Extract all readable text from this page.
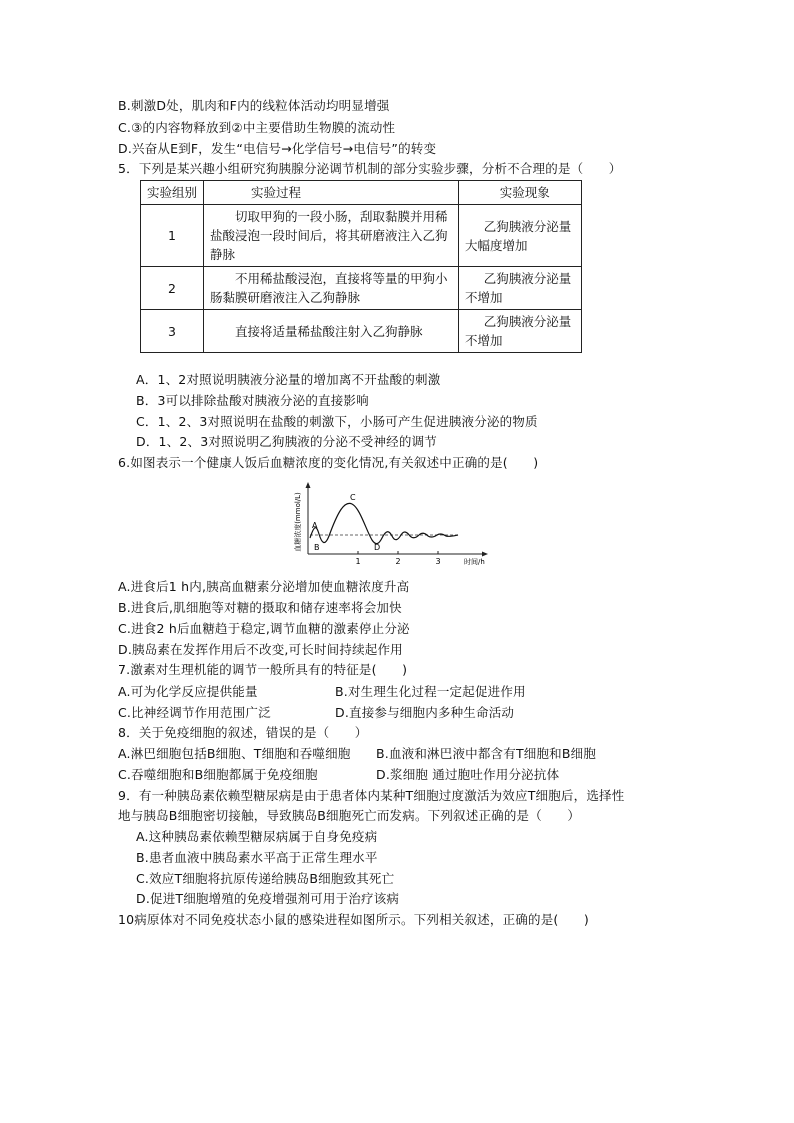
B.刺激D处，肌肉和F内的线粒体活动均明显增强
C.③的内容物释放到②中主要借助生物膜的流动性
D.兴奋从E到F，发生“电信号→化学信号→电信号”的转变
5．下列是某兴趣小组研究狗胰腺分泌调节机制的部分实验步骤，分析不合理的是（　　）
实验组别	实验过程	实验现象
1	切取甲狗的一段小肠，刮取黏膜并用稀盐酸浸泡一段时间后，将其研磨液注入乙狗静脉	乙狗胰液分泌量大幅度增加
2	不用稀盐酸浸泡，直接将等量的甲狗小肠黏膜研磨液注入乙狗静脉	乙狗胰液分泌量不增加
3	直接将适量稀盐酸注射入乙狗静脉	乙狗胰液分泌量不增加
A．1、2对照说明胰液分泌量的增加离不开盐酸的刺激
B．3可以排除盐酸对胰液分泌的直接影响
C．1、2、3对照说明在盐酸的刺激下，小肠可产生促进胰液分泌的物质
D．1、2、3对照说明乙狗胰液的分泌不受神经的调节
6.如图表示一个健康人饭后血糖浓度的变化情况,有关叙述中正确的是(　　)
血糖浓度(mmol/L) A
B
C
D
1	2	3	时间/h
A.进食后1 h内,胰高血糖素分泌增加使血糖浓度升高
B.进食后,肌细胞等对糖的摄取和储存速率将会加快
C.进食2 h后血糖趋于稳定,调节血糖的激素停止分泌
D.胰岛素在发挥作用后不改变,可长时间持续起作用
7.激素对生理机能的调节一般所具有的特征是(　　)
A.可为化学反应提供能量	B.对生理生化过程一定起促进作用
C.比神经调节作用范围广泛	D.直接参与细胞内多种生命活动
8．关于免疫细胞的叙述，错误的是（　　）
A.淋巴细胞包括B细胞、T细胞和吞噬细胞 B.血液和淋巴液中都含有T细胞和B细胞
C.吞噬细胞和B细胞都属于免疫细胞	D.浆细胞 通过胞吐作用分泌抗体
9．有一种胰岛素依赖型糖尿病是由于患者体内某种T细胞过度激活为效应T细胞后，选择性
地与胰岛B细胞密切接触，导致胰岛B细胞死亡而发病。下列叙述正确的是（　　）
A.这种胰岛素依赖型糖尿病属于自身免疫病
B.患者血液中胰岛素水平高于正常生理水平
C.效应T细胞将抗原传递给胰岛B细胞致其死亡
D.促进T细胞增殖的免疫增强剂可用于治疗该病
10病原体对不同免疫状态小鼠的感染进程如图所示。下列相关叙述，正确的是(　　)
